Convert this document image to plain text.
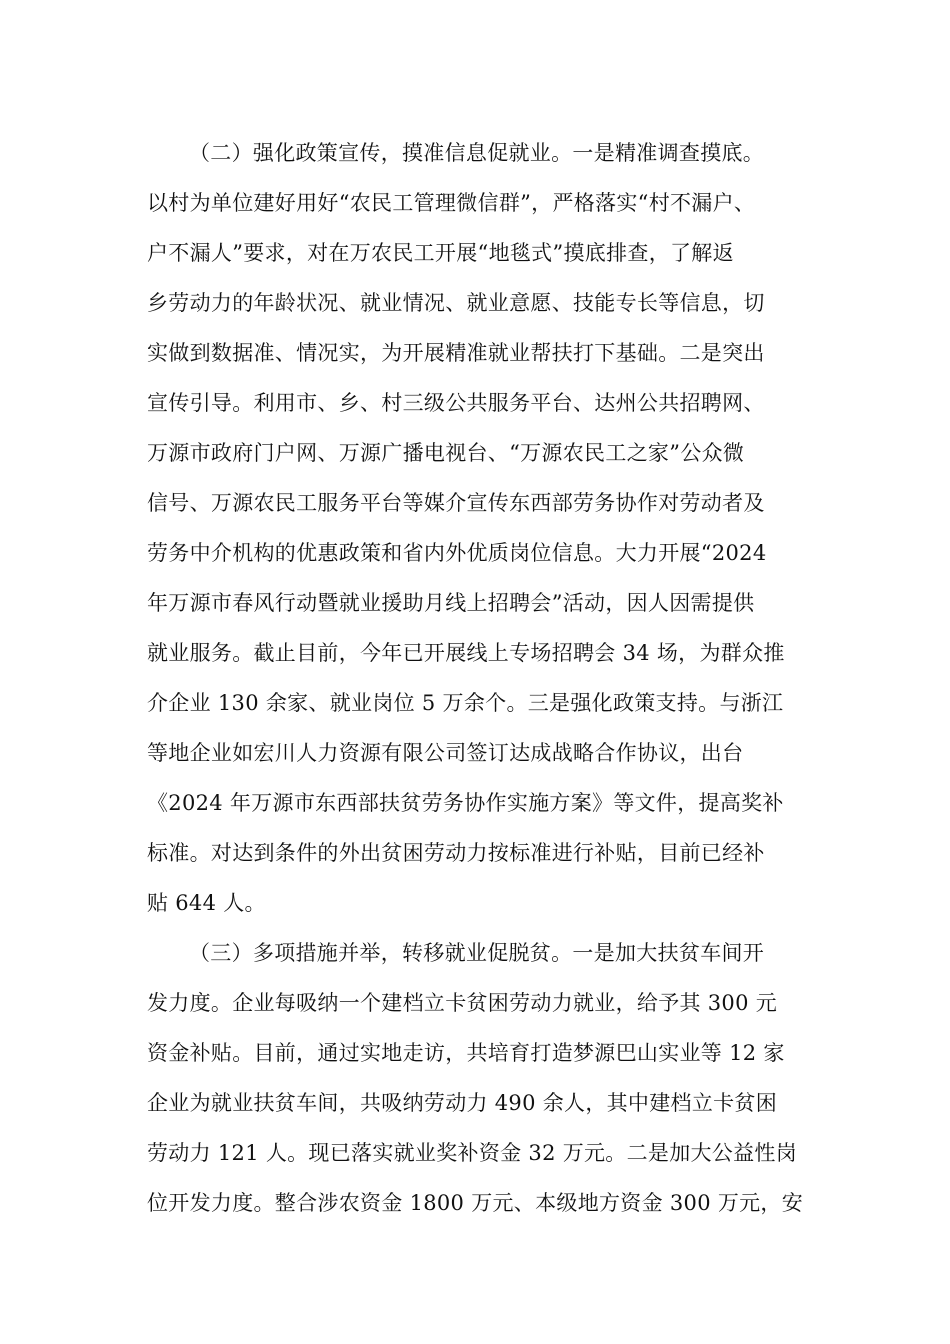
（二）强化政策宣传，摸准信息促就业。一是精准调查摸底。
以村为单位建好用好“农民工管理微信群”，严格落实“村不漏户、
户不漏人”要求，对在万农民工开展“地毯式”摸底排查，了解返
乡劳动力的年龄状况、就业情况、就业意愿、技能专长等信息，切
实做到数据准、情况实，为开展精准就业帮扶打下基础。二是突出
宣传引导。利用市、乡、村三级公共服务平台、达州公共招聘网、
万源市政府门户网、万源广播电视台、“万源农民工之家”公众微
信号、万源农民工服务平台等媒介宣传东西部劳务协作对劳动者及
劳务中介机构的优惠政策和省内外优质岗位信息。大力开展“2024
年万源市春风行动暨就业援助月线上招聘会”活动，因人因需提供
就业服务。截止目前，今年已开展线上专场招聘会 34 场，为群众推
介企业 130 余家、就业岗位 5 万余个。三是强化政策支持。与浙江
等地企业如宏川人力资源有限公司签订达成战略合作协议，出台
《2024 年万源市东西部扶贫劳务协作实施方案》等文件，提高奖补
标准。对达到条件的外出贫困劳动力按标准进行补贴，目前已经补
贴 644 人。
（三）多项措施并举，转移就业促脱贫。一是加大扶贫车间开
发力度。企业每吸纳一个建档立卡贫困劳动力就业，给予其 300 元
资金补贴。目前，通过实地走访，共培育打造梦源巴山实业等 12 家
企业为就业扶贫车间，共吸纳劳动力 490 余人，其中建档立卡贫困
劳动力 121 人。现已落实就业奖补资金 32 万元。二是加大公益性岗
位开发力度。整合涉农资金 1800 万元、本级地方资金 300 万元，安
